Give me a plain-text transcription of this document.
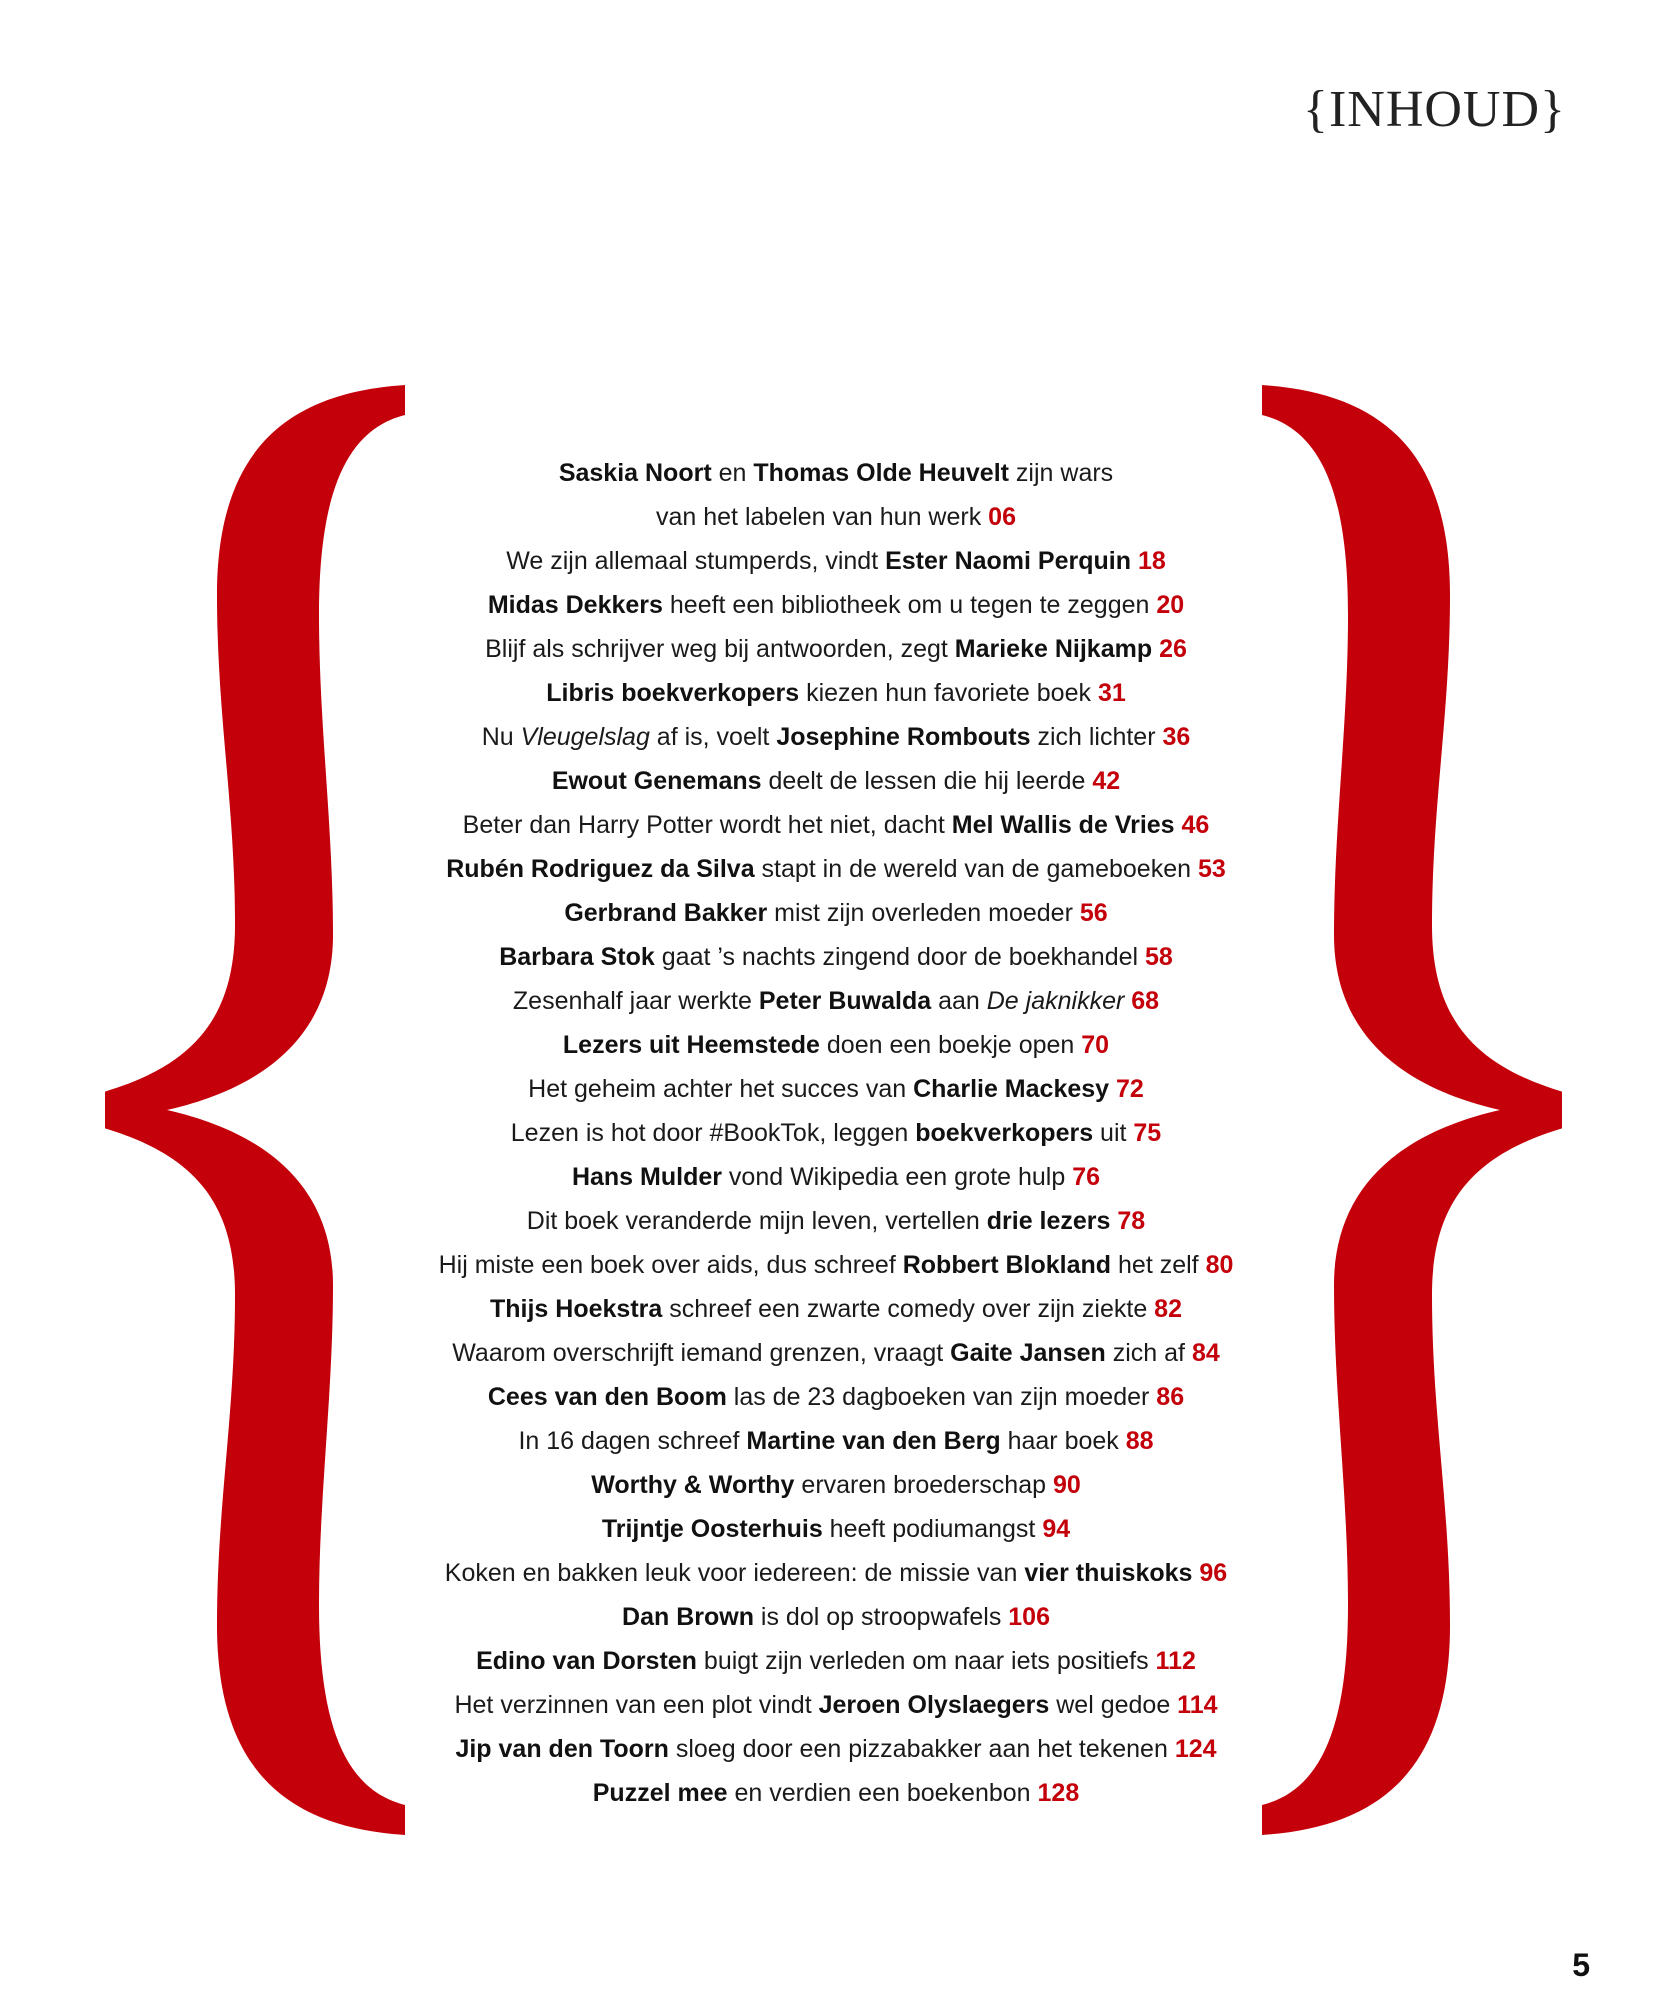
{INHOUD}
Saskia Noort en Thomas Olde Heuvelt zijn wars
van het labelen van hun werk 06
We zijn allemaal stumperds, vindt Ester Naomi Perquin 18
Midas Dekkers heeft een bibliotheek om u tegen te zeggen 20
Blijf als schrijver weg bij antwoorden, zegt Marieke Nijkamp 26
Libris boekverkopers kiezen hun favoriete boek 31
Nu Vleugelslag af is, voelt Josephine Rombouts zich lichter 36
Ewout Genemans deelt de lessen die hij leerde 42
Beter dan Harry Potter wordt het niet, dacht Mel Wallis de Vries 46
Rubén Rodriguez da Silva stapt in de wereld van de gameboeken 53
Gerbrand Bakker mist zijn overleden moeder 56
Barbara Stok gaat ’s nachts zingend door de boekhandel 58
Zesenhalf jaar werkte Peter Buwalda aan De jaknikker 68
Lezers uit Heemstede doen een boekje open 70
Het geheim achter het succes van Charlie Mackesy 72
Lezen is hot door #BookTok, leggen boekverkopers uit 75
Hans Mulder vond Wikipedia een grote hulp 76
Dit boek veranderde mijn leven, vertellen drie lezers 78
Hij miste een boek over aids, dus schreef Robbert Blokland het zelf 80
Thijs Hoekstra schreef een zwarte comedy over zijn ziekte 82
Waarom overschrijft iemand grenzen, vraagt Gaite Jansen zich af 84
Cees van den Boom las de 23 dagboeken van zijn moeder 86
In 16 dagen schreef Martine van den Berg haar boek 88
Worthy & Worthy ervaren broederschap 90
Trijntje Oosterhuis heeft podiumangst 94
Koken en bakken leuk voor iedereen: de missie van vier thuiskoks 96
Dan Brown is dol op stroopwafels 106
Edino van Dorsten buigt zijn verleden om naar iets positiefs 112
Het verzinnen van een plot vindt Jeroen Olyslaegers wel gedoe 114
Jip van den Toorn sloeg door een pizzabakker aan het tekenen 124
Puzzel mee en verdien een boekenbon 128
5
